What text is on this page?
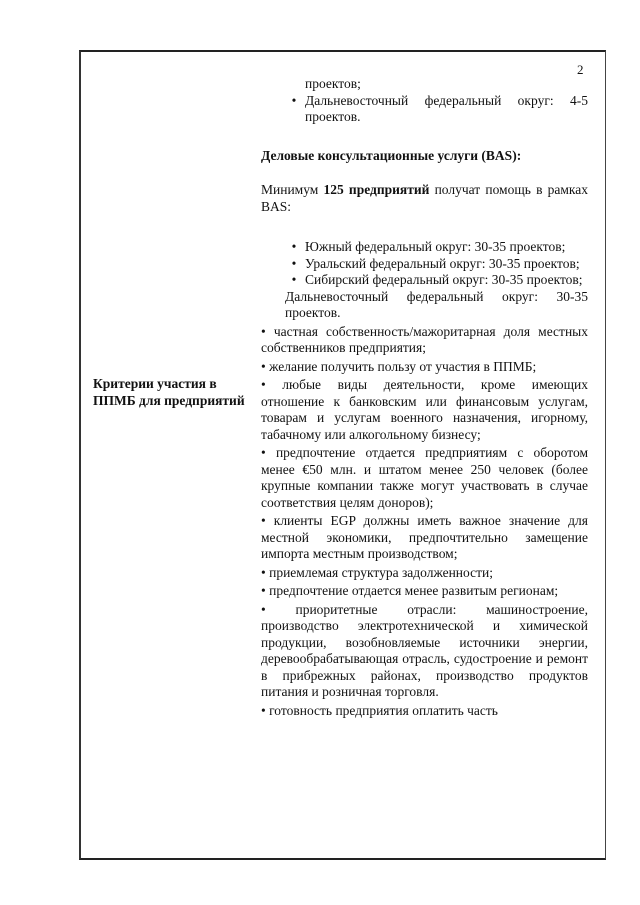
2
Критерии участия в ППМБ для предприятий
проектов;
• Дальневосточный федеральный округ: 4-5 проектов.
Деловые консультационные услуги (BAS):
Минимум 125 предприятий получат помощь в рамках BAS:
• Южный федеральный округ: 30-35 проектов;
• Уральский федеральный округ: 30-35 проектов;
• Сибирский федеральный округ: 30-35 проектов;
Дальневосточный федеральный округ: 30-35 проектов.
• частная собственность/мажоритарная доля местных собственников предприятия;
• желание получить пользу от участия в ППМБ;
• любые виды деятельности, кроме имеющих отношение к банковским или финансовым услугам, товарам и услугам военного назначения, игорному, табачному или алкогольному бизнесу;
• предпочтение отдается предприятиям с оборотом менее €50 млн. и штатом менее 250 человек (более крупные компании также могут участвовать в случае соответствия целям доноров);
• клиенты EGP должны иметь важное значение для местной экономики, предпочтительно замещение импорта местным производством;
• приемлемая структура задолженности;
• предпочтение отдается менее развитым регионам;
• приоритетные отрасли: машиностроение, производство электротехнической и химической продукции, возобновляемые источники энергии, деревообрабатывающая отрасль, судостроение и ремонт в прибрежных районах, производство продуктов питания и розничная торговля.
• готовность предприятия оплатить часть
